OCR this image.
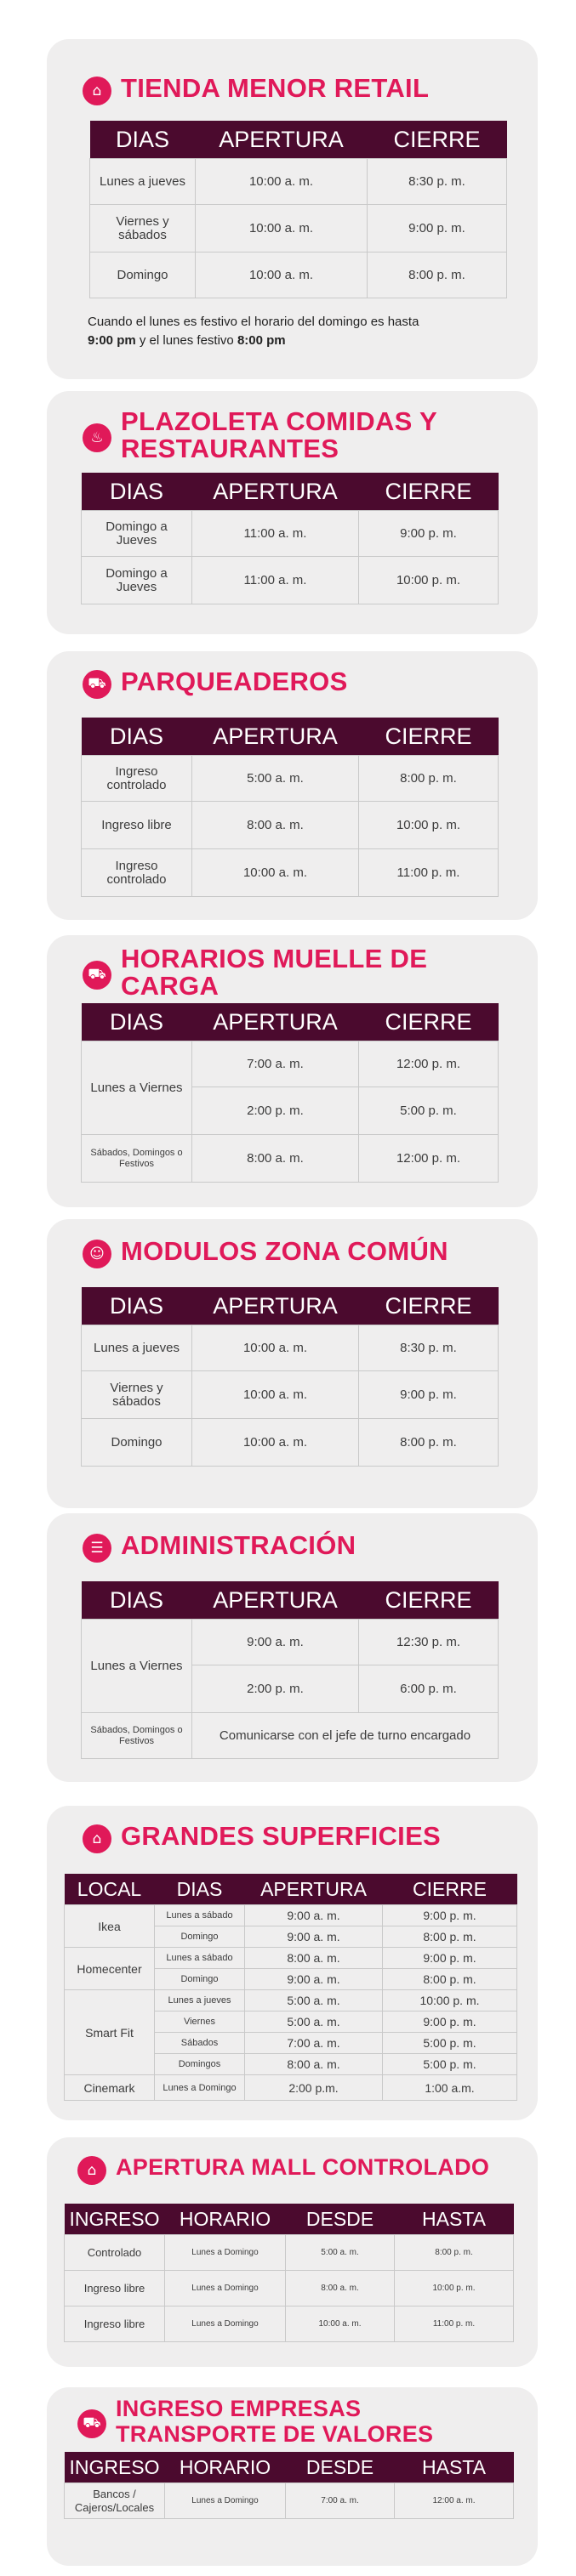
⌂ TIENDA MENOR RETAIL
DIAS	APERTURA	CIERRE
Lunes a jueves	10:00 a. m.	8:30 p. m.
Viernes y sábados	10:00 a. m.	9:00 p. m.
Domingo	10:00 a. m.	8:00 p. m.
Cuando el lunes es festivo el horario del domingo es hasta
9:00 pm y el lunes festivo 8:00 pm
♨
PLAZOLETA COMIDAS Y RESTAURANTES
DIAS	APERTURA	CIERRE
Domingo a Jueves	11:00 a. m.	9:00 p. m.
Domingo a Jueves	11:00 a. m.	10:00 p. m.
⛟ PARQUEADEROS
DIAS	APERTURA	CIERRE
Ingreso controlado	5:00 a. m.	8:00 p. m.
Ingreso libre	8:00 a. m.	10:00 p. m.
Ingreso controlado	10:00 a. m.	11:00 p. m.
⛟
HORARIOS MUELLE DE CARGA
DIAS	APERTURA	CIERRE
Lunes a Viernes	7:00 a. m.	12:00 p. m.
	2:00 p. m.	5:00 p. m.
Sábados, Domingos o Festivos	8:00 a. m.	12:00 p. m.
☺ MODULOS ZONA COMÚN
DIAS	APERTURA	CIERRE
Lunes a jueves	10:00 a. m.	8:30 p. m.
Viernes y sábados	10:00 a. m.	9:00 p. m.
Domingo	10:00 a. m.	8:00 p. m.
☰ ADMINISTRACIÓN
DIAS	APERTURA	CIERRE
Lunes a Viernes	9:00 a. m.	12:30 p. m.
	2:00 p. m.	6:00 p. m.
Sábados, Domingos o Festivos	Comunicarse con el jefe de turno encargado	
⌂ GRANDES SUPERFICIES
LOCAL	DIAS	APERTURA	CIERRE
Ikea	Lunes a sábado	9:00 a. m.	9:00 p. m.
	Domingo	9:00 a. m.	8:00 p. m.
Homecenter	Lunes a sábado	8:00 a. m.	9:00 p. m.
	Domingo	9:00 a. m.	8:00 p. m.
Smart Fit	Lunes a jueves	5:00 a. m.	10:00 p. m.
	Viernes	5:00 a. m.	9:00 p. m.
	Sábados	7:00 a. m.	5:00 p. m.
	Domingos	8:00 a. m.	5:00 p. m.
Cinemark	Lunes a Domingo	2:00 p.m.	1:00 a.m.
⌂ APERTURA MALL CONTROLADO
INGRESO	HORARIO	DESDE	HASTA
Controlado	Lunes a Domingo	5:00 a. m.	8:00 p. m.
Ingreso libre	Lunes a Domingo	8:00 a. m.	10:00 p. m.
Ingreso libre	Lunes a Domingo	10:00 a. m.	11:00 p. m.
⛟
INGRESO EMPRESAS TRANSPORTE DE VALORES
INGRESO	HORARIO	DESDE	HASTA
Bancos / Cajeros/Locales	Lunes a Domingo	7:00 a. m.	12:00 a. m.
